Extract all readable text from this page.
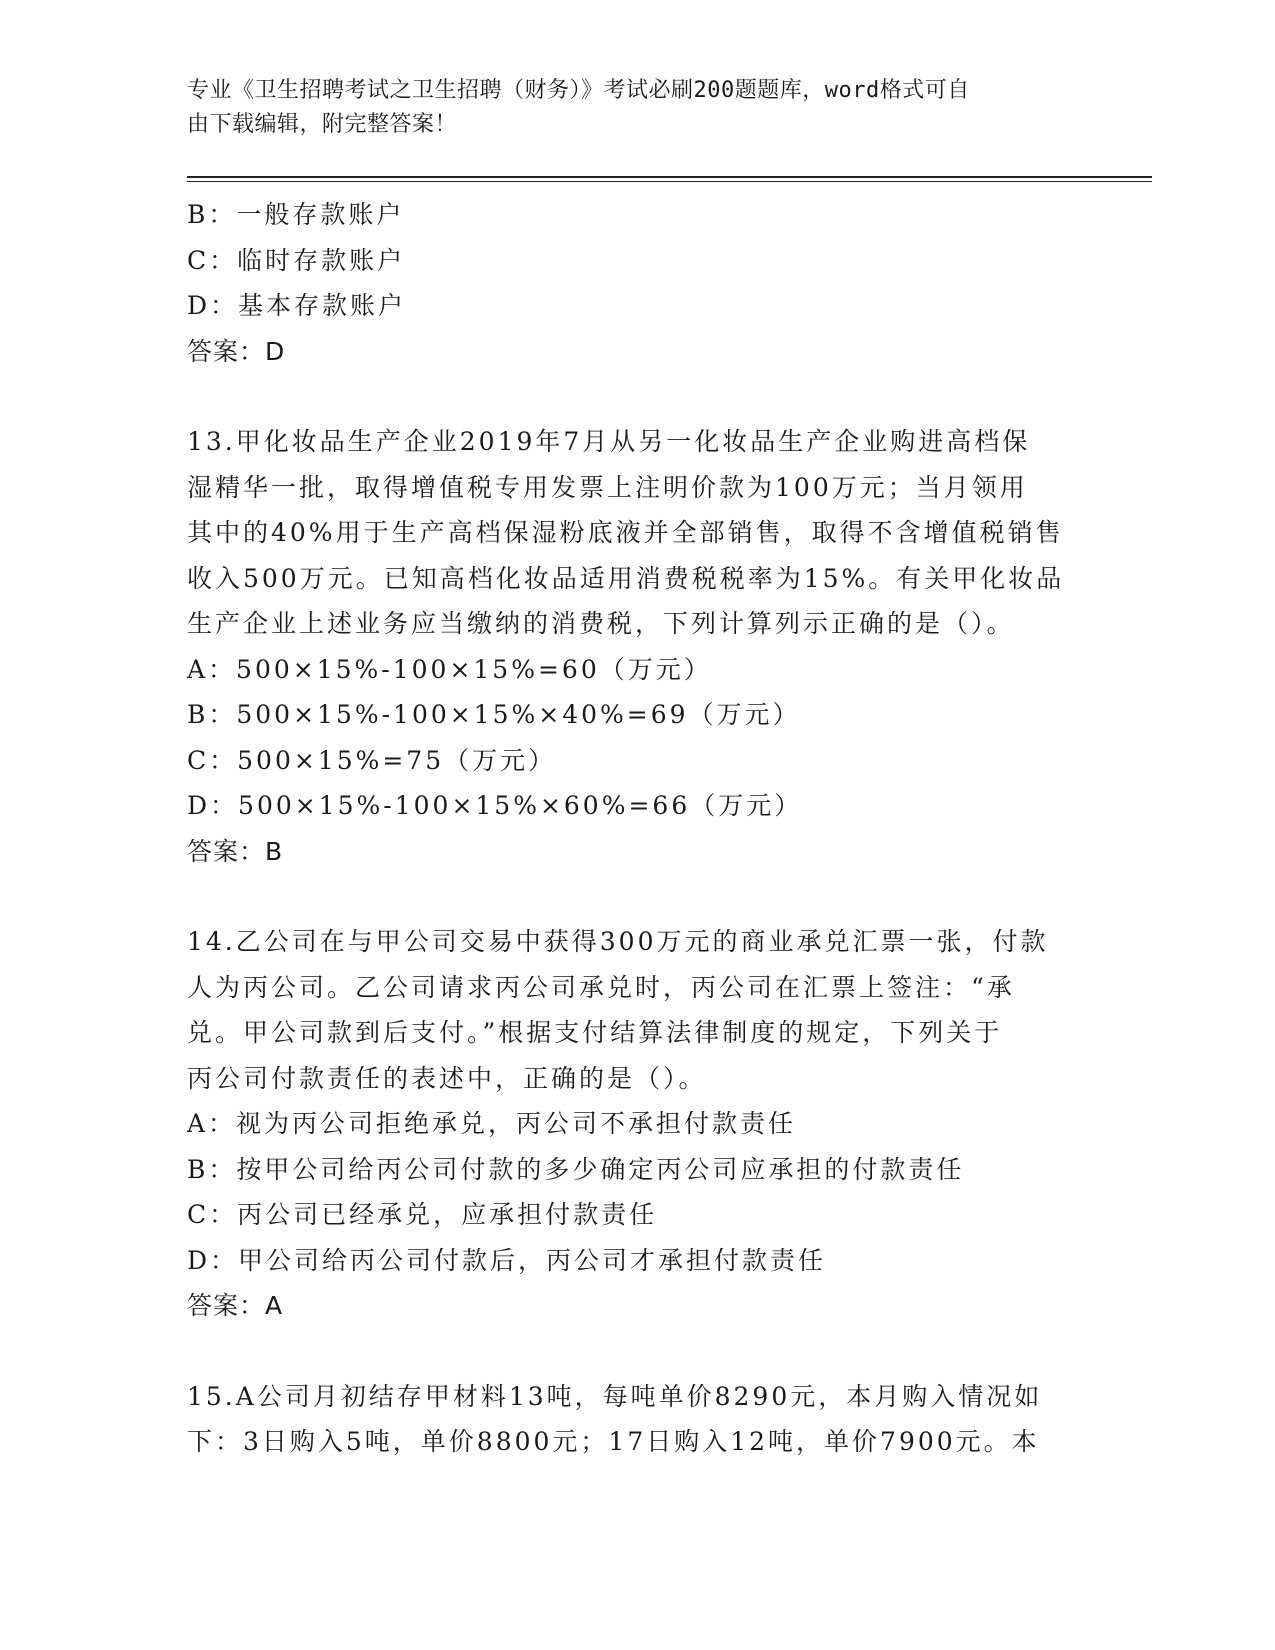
专业《卫生招聘考试之卫生招聘（财务）》考试必刷200题题库，word格式可自
由下载编辑，附完整答案！
B：一般存款账户
C：临时存款账户
D：基本存款账户
答案：D
13.甲化妆品生产企业2019年7月从另一化妆品生产企业购进高档保
湿精华一批，取得增值税专用发票上注明价款为100万元；当月领用
其中的40%用于生产高档保湿粉底液并全部销售，取得不含增值税销售
收入500万元。已知高档化妆品适用消费税税率为15%。有关甲化妆品
生产企业上述业务应当缴纳的消费税，下列计算列示正确的是（）。
A：500×15%-100×15%=60（万元）
B：500×15%-100×15%×40%=69（万元）
C：500×15%=75（万元）
D：500×15%-100×15%×60%=66（万元）
答案：B
14.乙公司在与甲公司交易中获得300万元的商业承兑汇票一张，付款
人为丙公司。乙公司请求丙公司承兑时，丙公司在汇票上签注：“承
兑。甲公司款到后支付。”根据支付结算法律制度的规定，下列关于
丙公司付款责任的表述中，正确的是（）。
A：视为丙公司拒绝承兑，丙公司不承担付款责任
B：按甲公司给丙公司付款的多少确定丙公司应承担的付款责任
C：丙公司已经承兑，应承担付款责任
D：甲公司给丙公司付款后，丙公司才承担付款责任
答案：A
15.A公司月初结存甲材料13吨，每吨单价8290元，本月购入情况如
下：3日购入5吨，单价8800元；17日购入12吨，单价7900元。本
